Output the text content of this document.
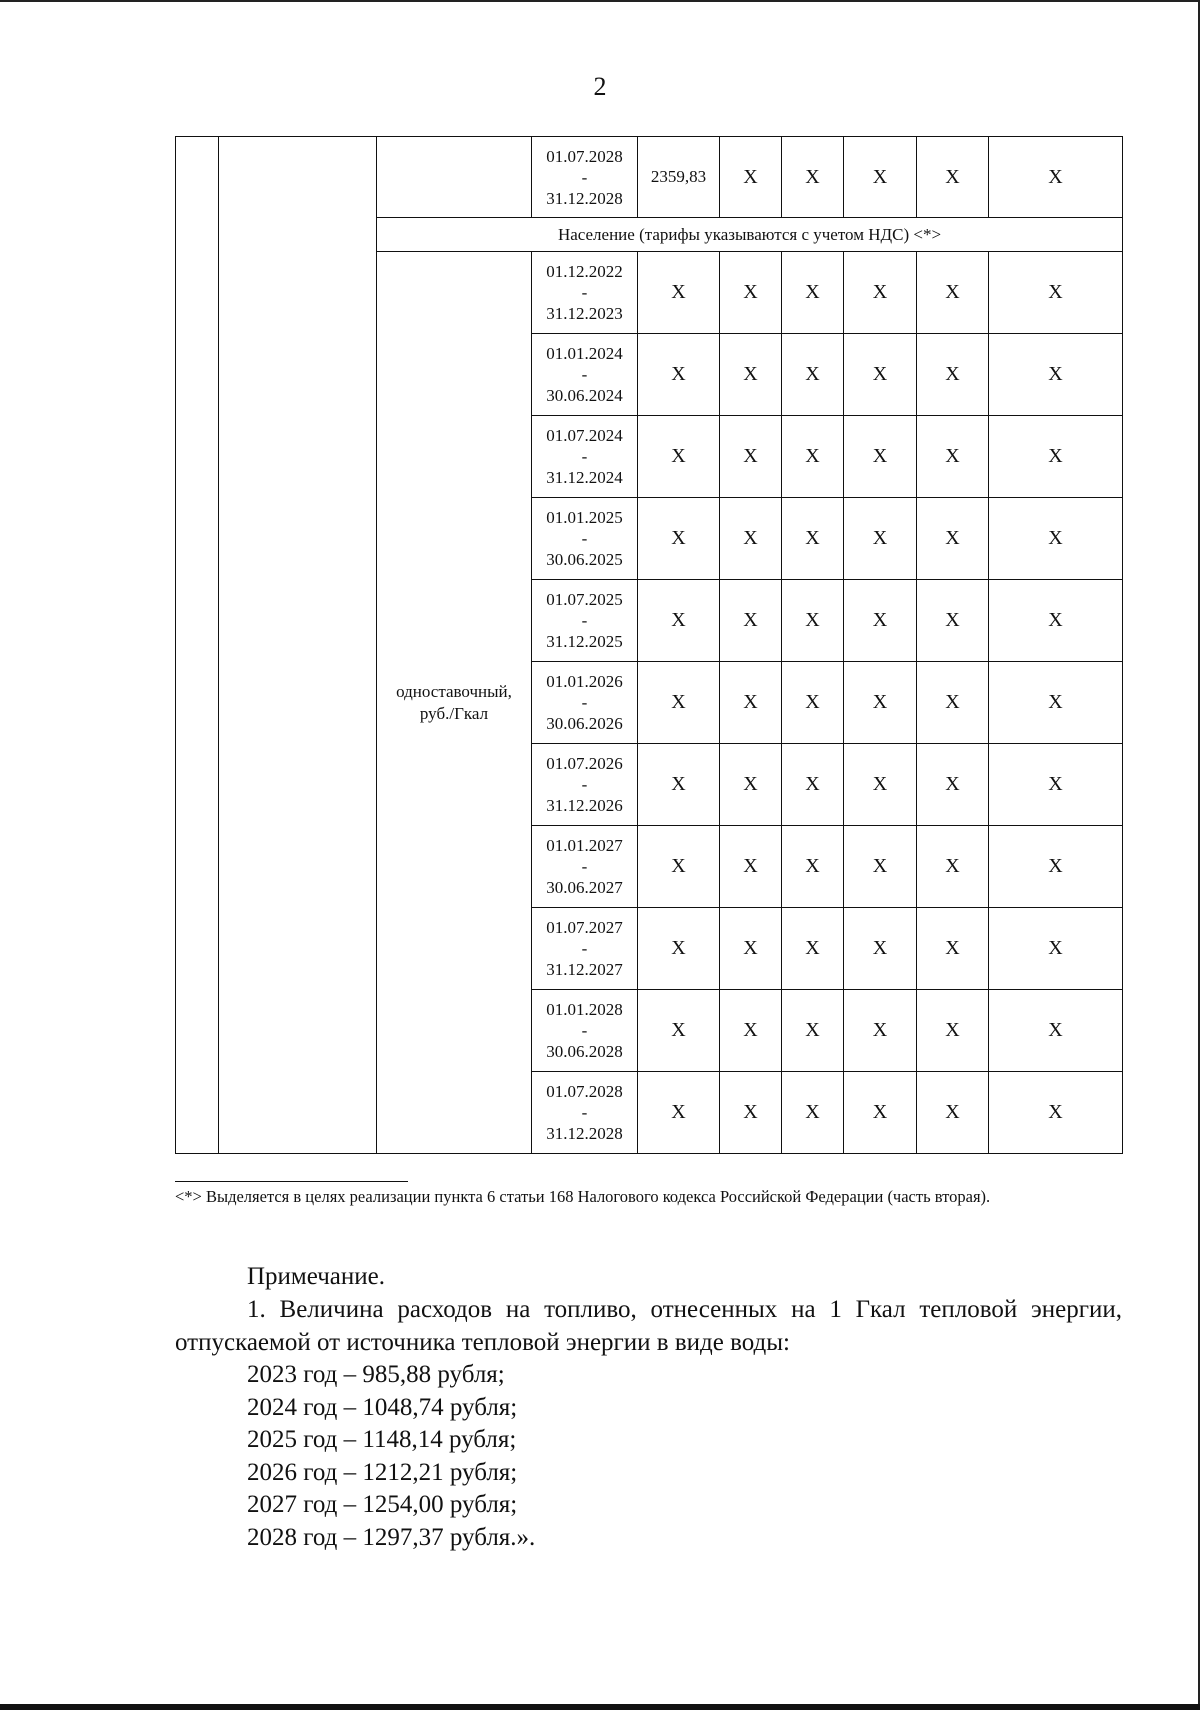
2

			01.07.2028
-
31.12.2028	2359,83	X	X	X	X	X
		Население (тарифы указываются с учетом НДС) <*>							
		одноставочный, руб./Гкал	01.12.2022
-
31.12.2023	X	X	X	X	X	X

			01.01.2024
-
30.06.2024	X	X	X	X	X	X

			01.07.2024
-
31.12.2024	X	X	X	X	X	X

			01.01.2025
-
30.06.2025	X	X	X	X	X	X

			01.07.2025
-
31.12.2025	X	X	X	X	X	X

			01.01.2026
-
30.06.2026	X	X	X	X	X	X

			01.07.2026
-
31.12.2026	X	X	X	X	X	X

			01.01.2027
-
30.06.2027	X	X	X	X	X	X

			01.07.2027
-
31.12.2027	X	X	X	X	X	X

			01.01.2028
-
30.06.2028	X	X	X	X	X	X

			01.07.2028
-
31.12.2028	X	X	X	X	X	X
<*> Выделяется в целях реализации пункта 6 статьи 168 Налогового кодекса Российской Федерации (часть вторая).
Примечание.
1. Величина расходов на топливо, отнесенных на 1 Гкал тепловой энергии, отпускаемой от источника тепловой энергии в виде воды:
2023 год – 985,88 рубля;
2024 год – 1048,74 рубля;
2025 год – 1148,14 рубля;
2026 год – 1212,21 рубля;
2027 год – 1254,00 рубля;
2028 год – 1297,37 рубля.».
